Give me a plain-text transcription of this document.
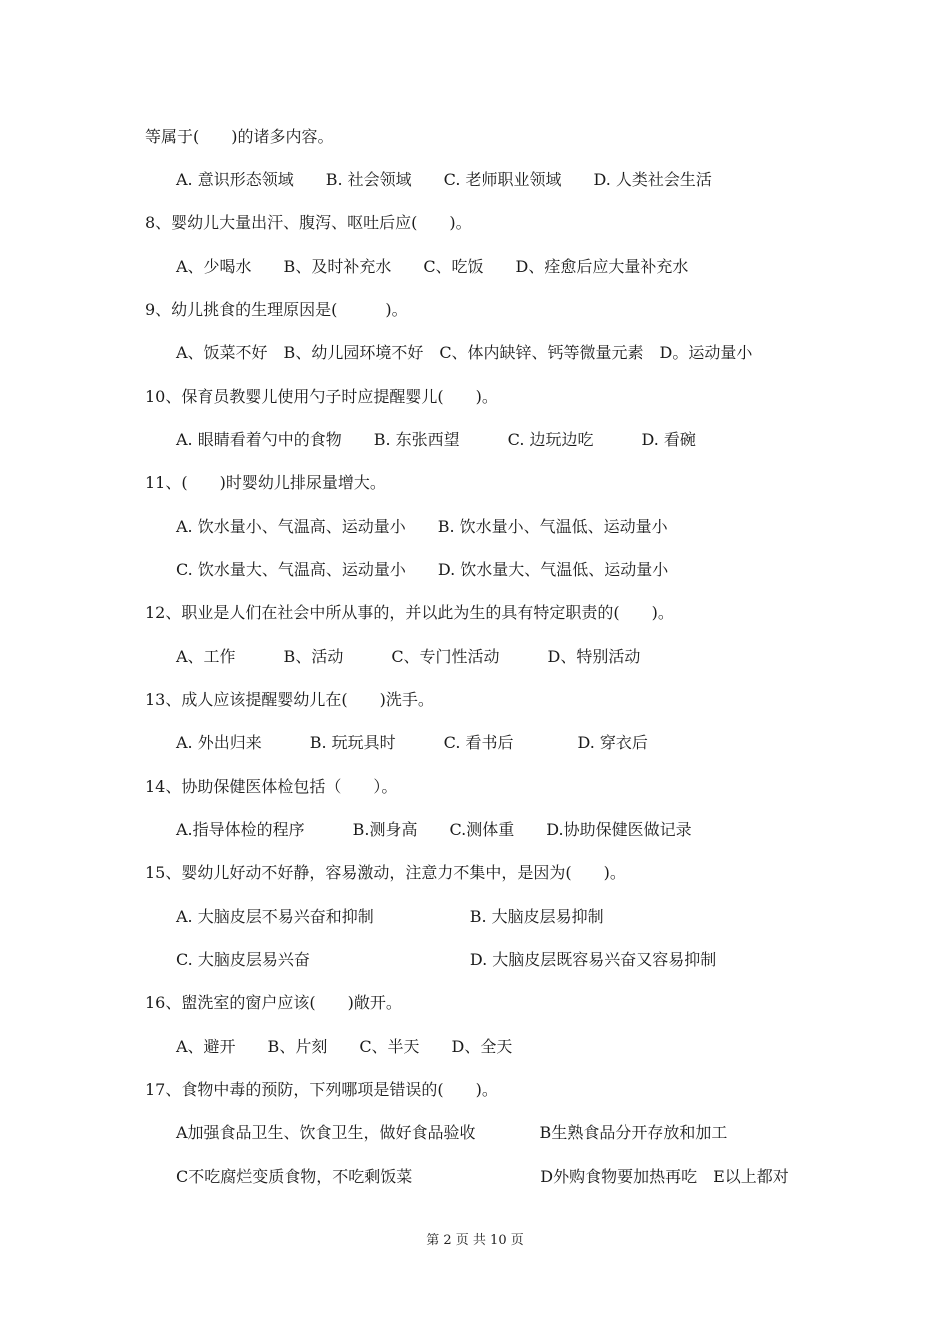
等属于(　　)的诸多内容。
A. 意识形态领域　　B. 社会领域　　C. 老师职业领域　　D. 人类社会生活
8、婴幼儿大量出汗、腹泻、呕吐后应(　　)。
A、少喝水　　B、及时补充水　　C、吃饭　　D、痊愈后应大量补充水
9、幼儿挑食的生理原因是(　　　)。
A、饭菜不好　B、幼儿园环境不好　C、体内缺锌、钙等微量元素　D。运动量小
10、保育员教婴儿使用勺子时应提醒婴儿(　　)。
A. 眼睛看着勺中的食物　　B. 东张西望　　　C. 边玩边吃　　　D. 看碗
11、(　　)时婴幼儿排尿量增大。
A. 饮水量小、气温高、运动量小　　B. 饮水量小、气温低、运动量小
C. 饮水量大、气温高、运动量小　　D. 饮水量大、气温低、运动量小
12、职业是人们在社会中所从事的，并以此为生的具有特定职责的(　　)。
A、工作　　　B、活动　　　C、专门性活动　　　D、特别活动
13、成人应该提醒婴幼儿在(　　)洗手。
A. 外出归来　　　B. 玩玩具时　　　C. 看书后　　　　D. 穿衣后
14、协助保健医体检包括（　　）。
A.指导体检的程序　　　B.测身高　　C.测体重　　D.协助保健医做记录
15、婴幼儿好动不好静，容易激动，注意力不集中，是因为(　　)。
A. 大脑皮层不易兴奋和抑制　　　　　　B. 大脑皮层易抑制
C. 大脑皮层易兴奋　　　　　　　　　　D. 大脑皮层既容易兴奋又容易抑制
16、盥洗室的窗户应该(　　)敞开。
A、避开　　B、片刻　　C、半天　　D、全天
17、食物中毒的预防，下列哪项是错误的(　　)。
A加强食品卫生、饮食卫生，做好食品验收　　　　B生熟食品分开存放和加工
C不吃腐烂变质食物，不吃剩饭菜　　　　　　　　D外购食物要加热再吃　E以上都对
第 2 页 共 10 页
